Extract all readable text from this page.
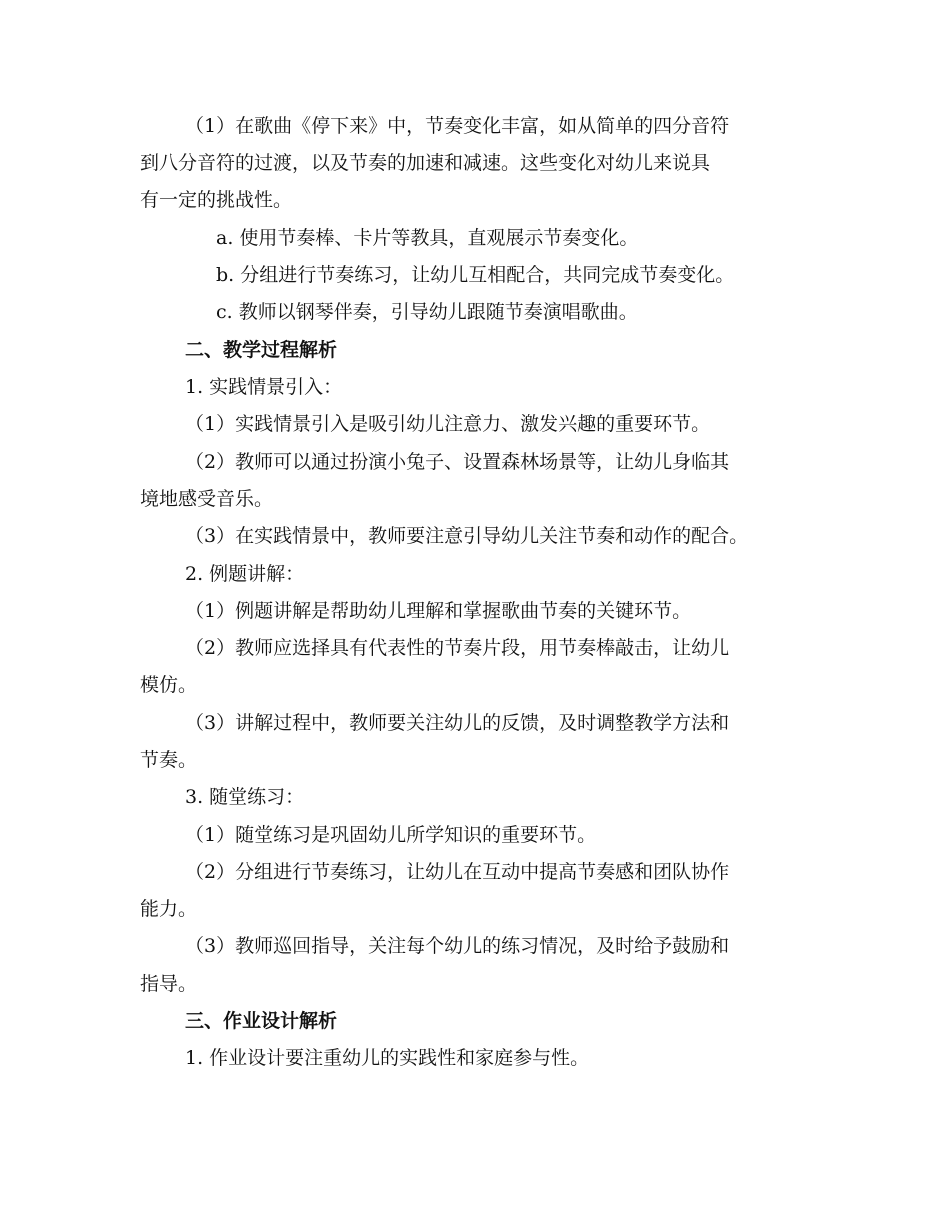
（1）在歌曲《停下来》中，节奏变化丰富，如从简单的四分音符
到八分音符的过渡，以及节奏的加速和减速。这些变化对幼儿来说具
有一定的挑战性。
a. 使用节奏棒、卡片等教具，直观展示节奏变化。
b. 分组进行节奏练习，让幼儿互相配合，共同完成节奏变化。
c. 教师以钢琴伴奏，引导幼儿跟随节奏演唱歌曲。
二、教学过程解析
1. 实践情景引入：
（1）实践情景引入是吸引幼儿注意力、激发兴趣的重要环节。
（2）教师可以通过扮演小兔子、设置森林场景等，让幼儿身临其
境地感受音乐。
（3）在实践情景中，教师要注意引导幼儿关注节奏和动作的配合。
2. 例题讲解：
（1）例题讲解是帮助幼儿理解和掌握歌曲节奏的关键环节。
（2）教师应选择具有代表性的节奏片段，用节奏棒敲击，让幼儿
模仿。
（3）讲解过程中，教师要关注幼儿的反馈，及时调整教学方法和
节奏。
3. 随堂练习：
（1）随堂练习是巩固幼儿所学知识的重要环节。
（2）分组进行节奏练习，让幼儿在互动中提高节奏感和团队协作
能力。
（3）教师巡回指导，关注每个幼儿的练习情况，及时给予鼓励和
指导。
三、作业设计解析
1. 作业设计要注重幼儿的实践性和家庭参与性。
